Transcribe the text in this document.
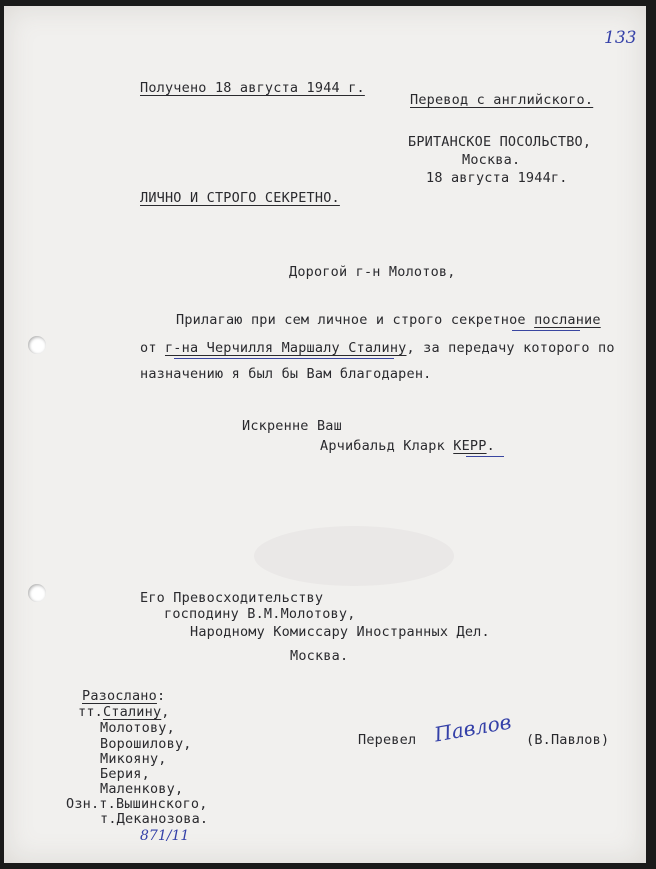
133
Получено 18 августа 1944 г.
Перевод с английского.
БРИТАНСКОЕ ПОСОЛЬСТВО,
Москва.
18 августа 1944г.
ЛИЧНО И СТРОГО СЕКРЕТНО.
Дорогой г-н Молотов,
Прилагаю при сем личное и строго секретное послание
от г-на Черчилля Маршалу Сталину, за передачу которого по
назначению я был бы Вам благодарен.
Искренне Ваш
Арчибальд Кларк КЕРР.
Его Превосходительству
господину В.М.Молотову,
Народному Комиссару Иностранных Дел.
Москва.
Разослано:
тт.Сталину,
Молотову,
Ворошилову,
Микояну,
Берия,
Маленкову,
Озн.т.Вышинского,
т.Деканозова.
Перевел Павлов (В.Павлов)
871/11
